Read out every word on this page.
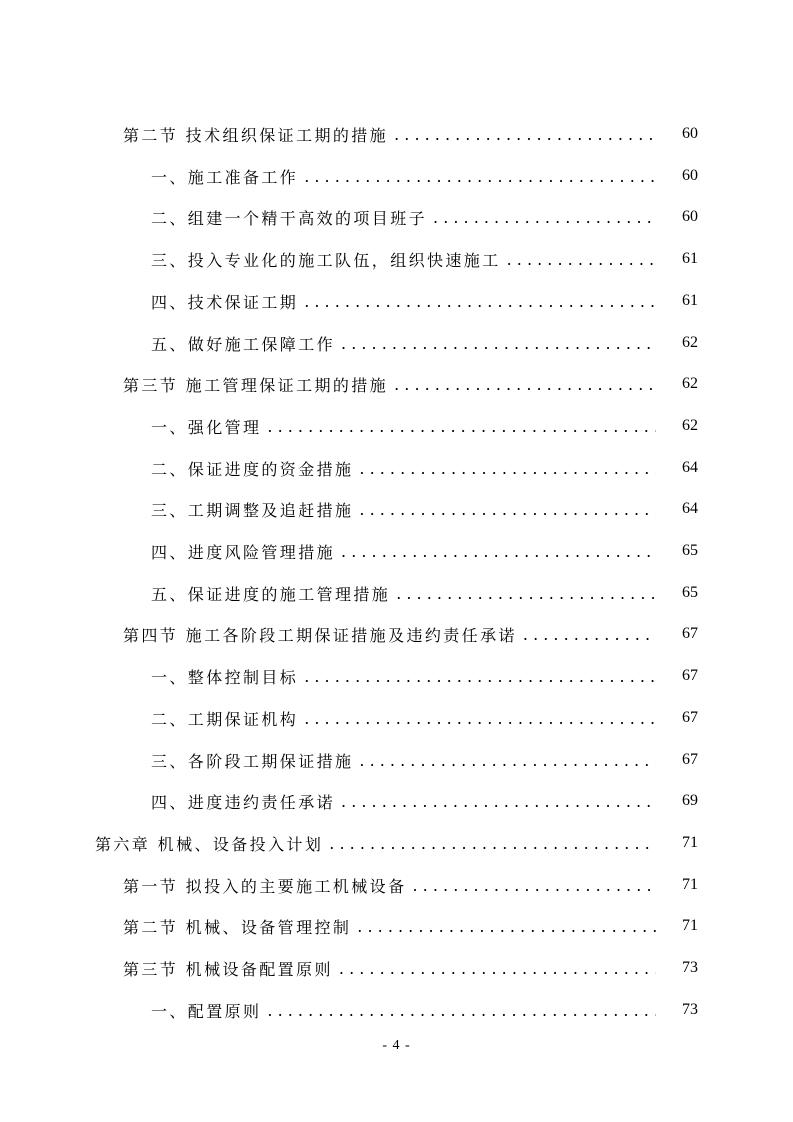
第二节 技术组织保证工期的措施 . . .	60
一、施工准备工作 . . .	60
二、组建一个精干高效的项目班子 . . .	60
三、投入专业化的施工队伍，组织快速施工 . . .	61
四、技术保证工期 . . .	61
五、做好施工保障工作 . . .	62
第三节 施工管理保证工期的措施 . . .	62
一、强化管理 . . .	62
二、保证进度的资金措施 . . .	64
三、工期调整及追赶措施 . . .	64
四、进度风险管理措施 . . .	65
五、保证进度的施工管理措施 . . .	65
第四节 施工各阶段工期保证措施及违约责任承诺 . . .	67
一、整体控制目标 . . .	67
二、工期保证机构 . . .	67
三、各阶段工期保证措施 . . .	67
四、进度违约责任承诺 . . .	69
第六章 机械、设备投入计划 . . .	71
第一节 拟投入的主要施工机械设备 . . .	71
第二节 机械、设备管理控制 . . .	71
第三节 机械设备配置原则 . . .	73
一、配置原则 . . .	73
- 4 -
